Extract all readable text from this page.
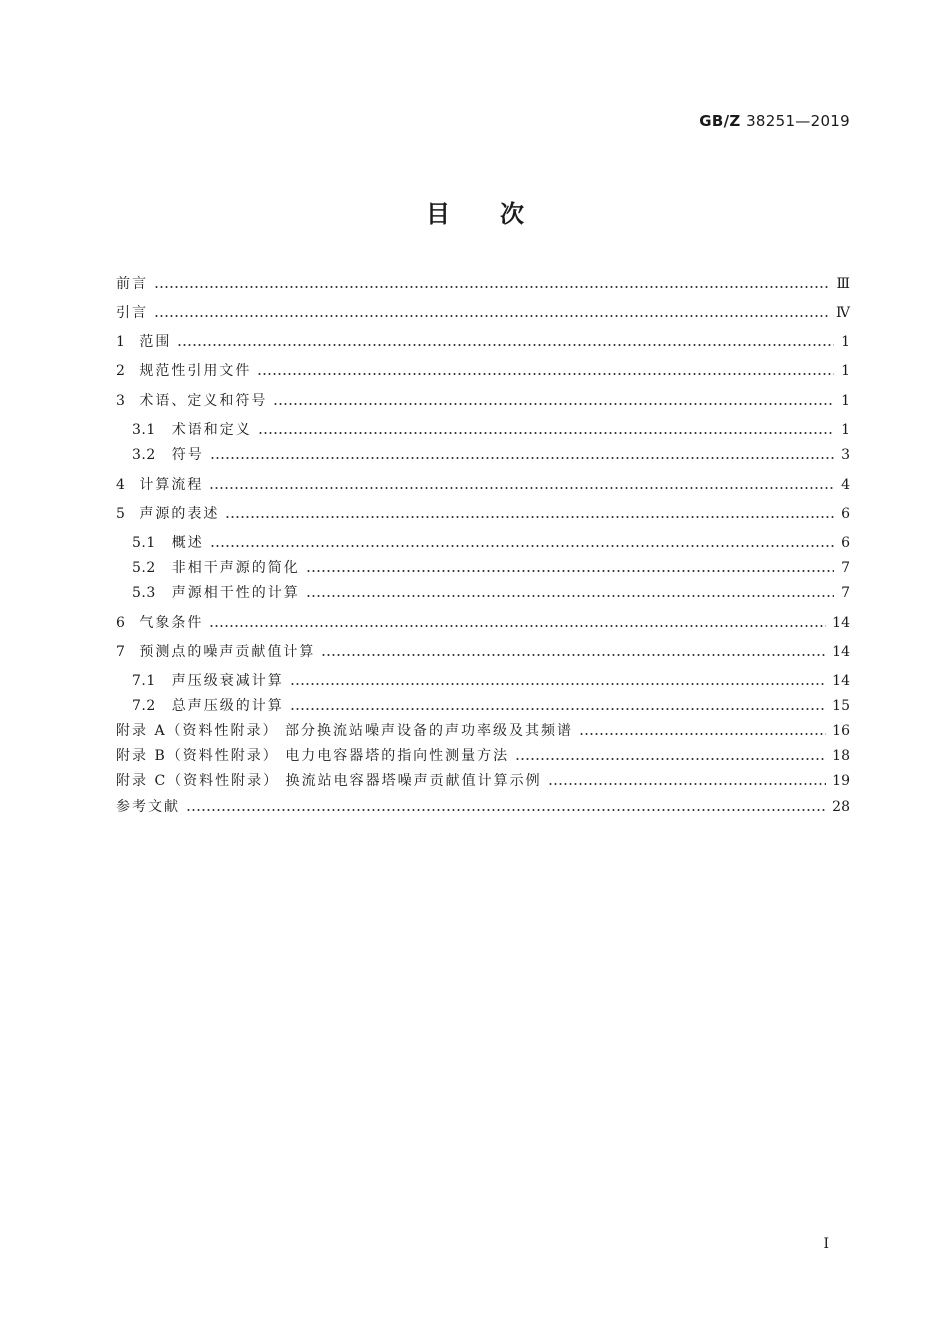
GB/Z 38251—2019
目次
前言	Ⅲ
引言	Ⅳ
1 范围	1
2 规范性引用文件	1
3 术语、定义和符号	1
3.1 术语和定义	1
3.2 符号	3
4 计算流程	4
5 声源的表述	6
5.1 概述	6
5.2 非相干声源的简化	7
5.3 声源相干性的计算	7
6 气象条件	14
7 预测点的噪声贡献值计算	14
7.1 声压级衰减计算	14
7.2 总声压级的计算	15
附录 A（资料性附录） 部分换流站噪声设备的声功率级及其频谱	16
附录 B（资料性附录） 电力电容器塔的指向性测量方法	18
附录 C（资料性附录） 换流站电容器塔噪声贡献值计算示例	19
参考文献	28
I
